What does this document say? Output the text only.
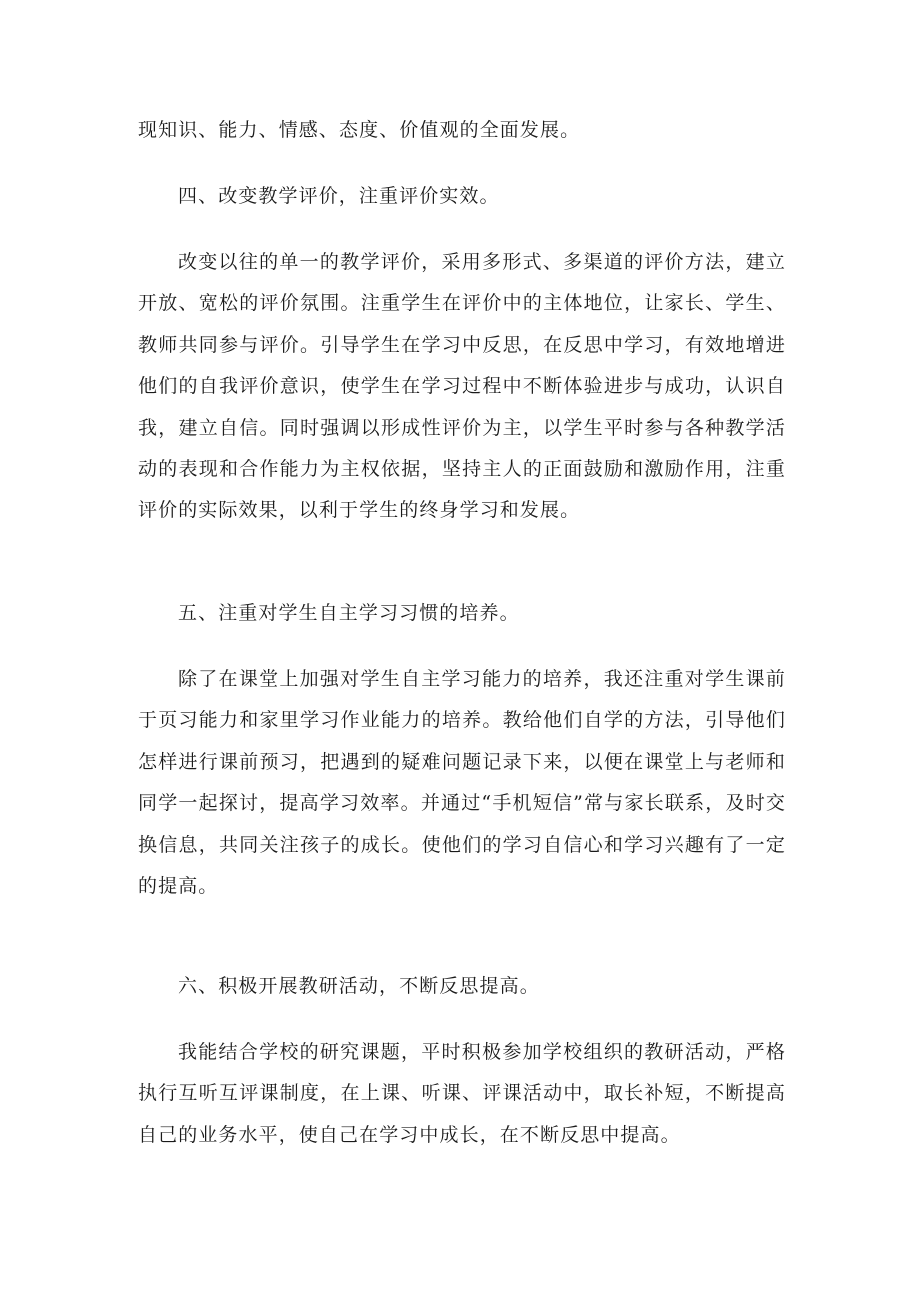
现知识、能力、情感、态度、价值观的全面发展。

四、改变教学评价，注重评价实效。

改变以往的单一的教学评价，采用多形式、多渠道的评价方法，建立开放、宽松的评价氛围。注重学生在评价中的主体地位，让家长、学生、教师共同参与评价。引导学生在学习中反思，在反思中学习，有效地增进他们的自我评价意识，使学生在学习过程中不断体验进步与成功，认识自我，建立自信。同时强调以形成性评价为主，以学生平时参与各种教学活动的表现和合作能力为主权依据，坚持主人的正面鼓励和激励作用，注重评价的实际效果，以利于学生的终身学习和发展。

五、注重对学生自主学习习惯的培养。

除了在课堂上加强对学生自主学习能力的培养，我还注重对学生课前于页习能力和家里学习作业能力的培养。教给他们自学的方法，引导他们怎样进行课前预习，把遇到的疑难问题记录下来，以便在课堂上与老师和同学一起探讨，提高学习效率。并通过“手机短信”常与家长联系，及时交换信息，共同关注孩子的成长。使他们的学习自信心和学习兴趣有了一定的提高。

六、积极开展教研活动，不断反思提高。

我能结合学校的研究课题，平时积极参加学校组织的教研活动，严格执行互听互评课制度，在上课、听课、评课活动中，取长补短，不断提高自己的业务水平，使自己在学习中成长，在不断反思中提高。
